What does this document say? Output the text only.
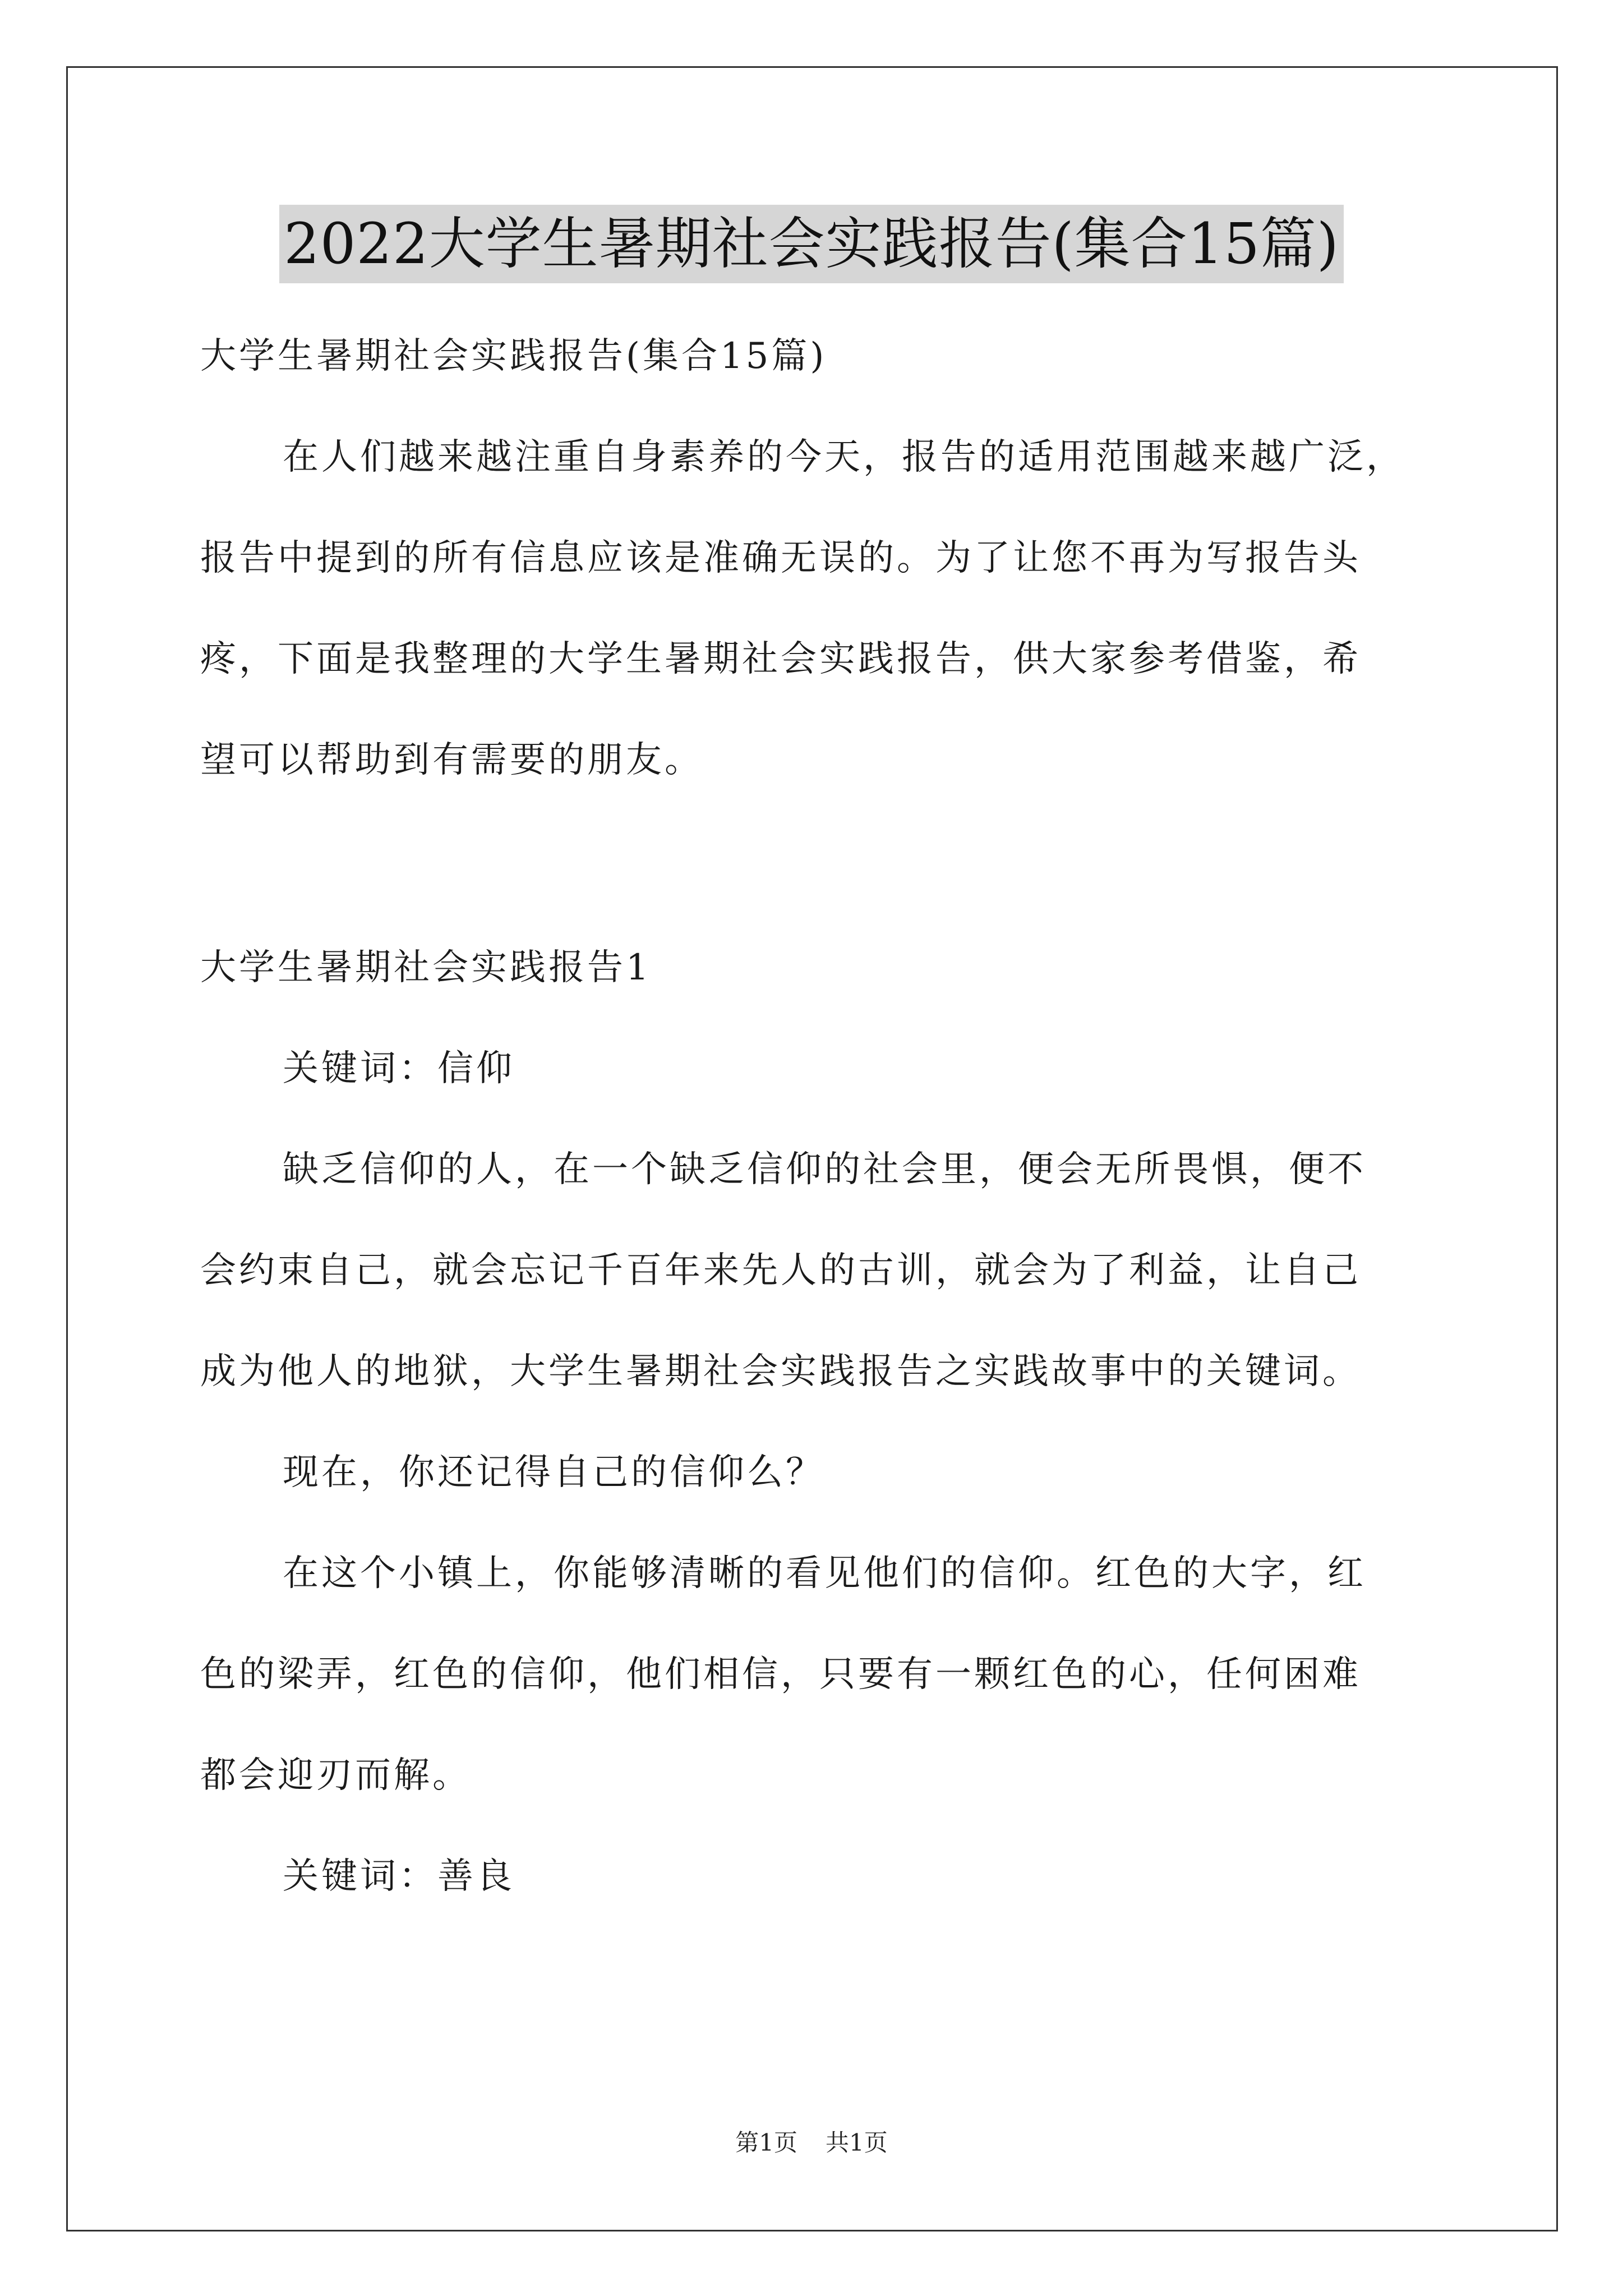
2022大学生暑期社会实践报告(集合15篇)
大学生暑期社会实践报告(集合15篇)
在人们越来越注重自身素养的今天，报告的适用范围越来越广泛，
报告中提到的所有信息应该是准确无误的。为了让您不再为写报告头
疼，下面是我整理的大学生暑期社会实践报告，供大家参考借鉴，希
望可以帮助到有需要的朋友。
大学生暑期社会实践报告1
关键词：信仰
缺乏信仰的人，在一个缺乏信仰的社会里，便会无所畏惧，便不
会约束自己，就会忘记千百年来先人的古训，就会为了利益，让自己
成为他人的地狱，大学生暑期社会实践报告之实践故事中的关键词。
现在，你还记得自己的信仰么？
在这个小镇上，你能够清晰的看见他们的信仰。红色的大字，红
色的梁弄，红色的信仰，他们相信，只要有一颗红色的心，任何困难
都会迎刃而解。
关键词：善良
第1页 共1页
